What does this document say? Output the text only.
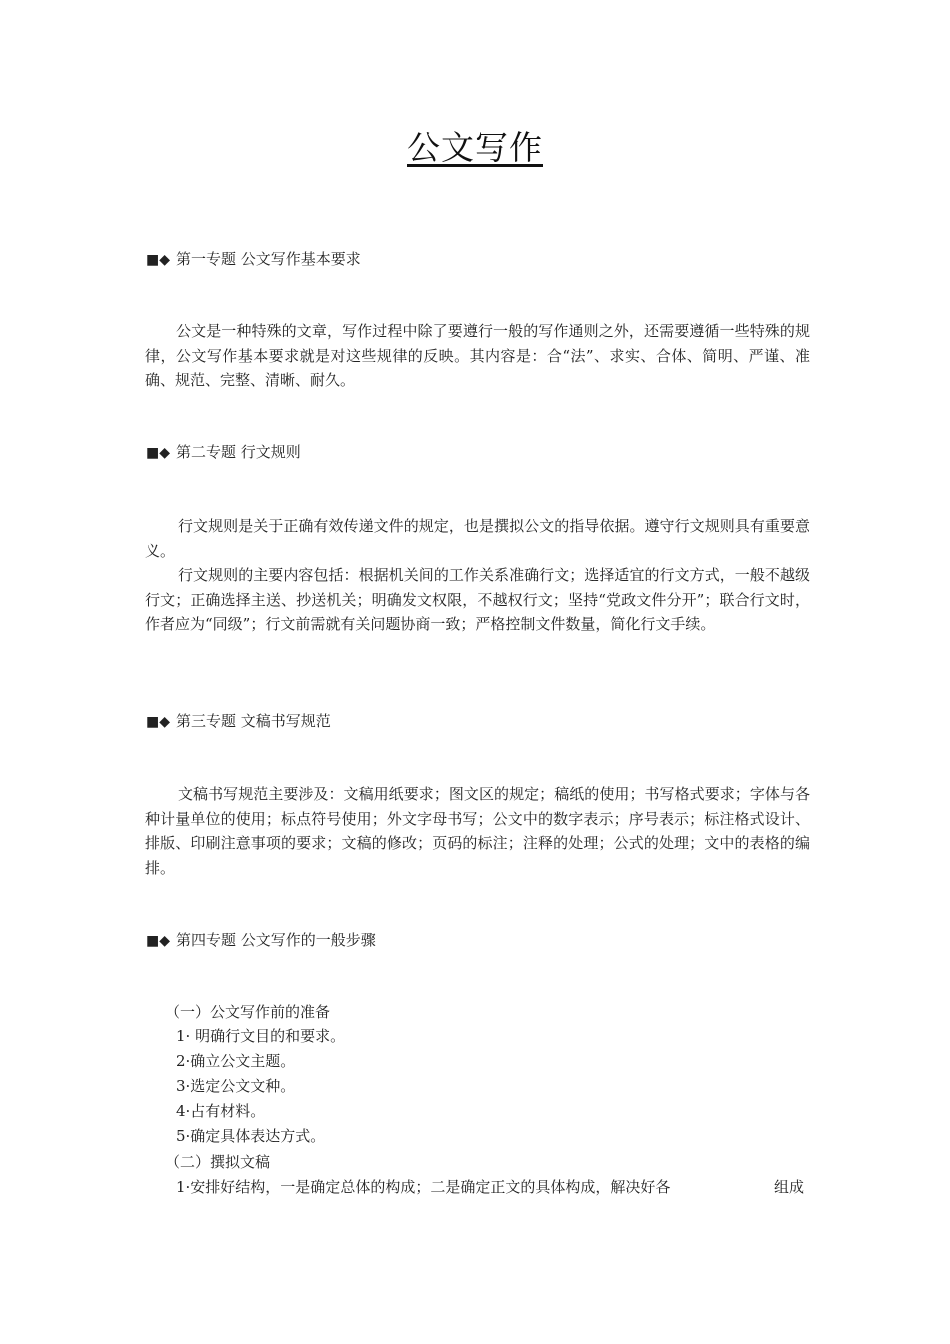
公文写作
■◆ 第一专题 公文写作基本要求
公文是一种特殊的文章，写作过程中除了要遵行一般的写作通则之外，还需要遵循一些特殊的规律，公文写作基本要求就是对这些规律的反映。其内容是：合“法”、求实、合体、简明、严谨、准确、规范、完整、清晰、耐久。
■◆ 第二专题 行文规则
行文规则是关于正确有效传递文件的规定，也是撰拟公文的指导依据。遵守行文规则具有重要意义。
行文规则的主要内容包括：根据机关间的工作关系准确行文；选择适宜的行文方式，一般不越级行文；正确选择主送、抄送机关；明确发文权限，不越权行文；坚持“党政文件分开”；联合行文时，作者应为“同级”；行文前需就有关问题协商一致；严格控制文件数量，简化行文手续。
■◆ 第三专题 文稿书写规范
文稿书写规范主要涉及：文稿用纸要求；图文区的规定；稿纸的使用；书写格式要求；字体与各种计量单位的使用；标点符号使用；外文字母书写；公文中的数字表示；序号表示；标注格式设计、排版、印刷注意事项的要求；文稿的修改；页码的标注；注释的处理；公式的处理；文中的表格的编排。
■◆ 第四专题 公文写作的一般步骤
（一）公文写作前的准备
1· 明确行文目的和要求。
2·确立公文主题。
3·选定公文文种。
4·占有材料。
5·确定具体表达方式。
（二）撰拟文稿
1·安排好结构，一是确定总体的构成；二是确定正文的具体构成，解决好各	组成
